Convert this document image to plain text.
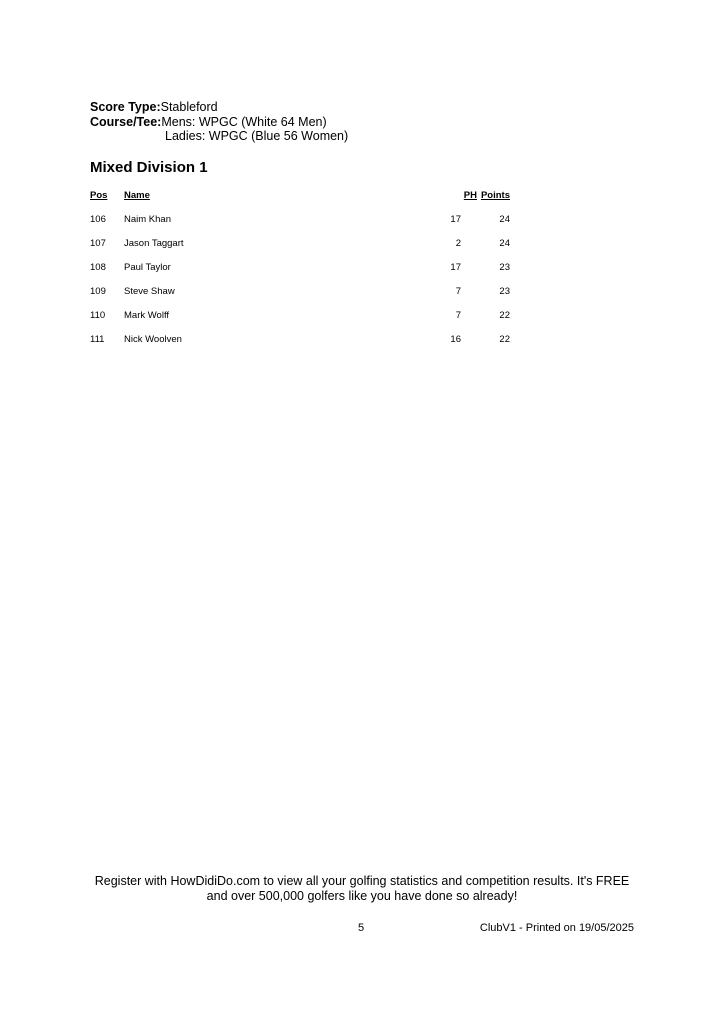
Score Type:Stableford
Course/Tee:Mens: WPGC (White 64 Men)
Ladies: WPGC (Blue 56 Women)
Mixed Division 1
Pos Name	PH Points
106 Naim Khan	17	24
107 Jason Taggart	2	24
108 Paul Taylor	17	23
109 Steve Shaw	7	23
110 Mark Wolff	7	22
111 Nick Woolven	16	22
Register with HowDidiDo.com to view all your golfing statistics and competition results. It's FREE
and over 500,000 golfers like you have done so already!
5	ClubV1 - Printed on 19/05/2025
